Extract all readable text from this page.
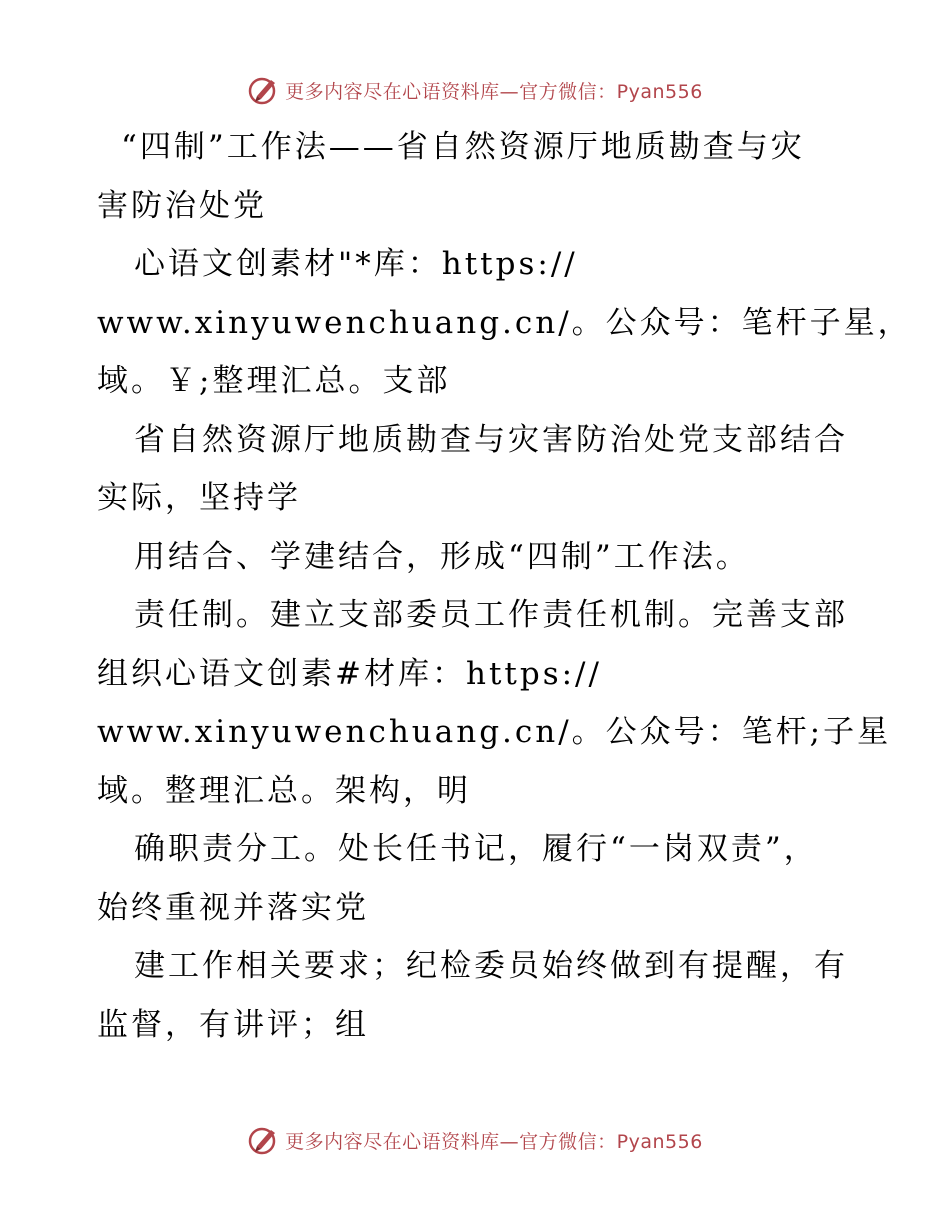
更多内容尽在心语资料库—官方微信：Pyan556
“四制”工作法——省自然资源厅地质勘查与灾
害防治处党
心语文创素材"*库：https://
www.xinyuwenchuang.cn/。公众号：笔杆子星，
域。￥;整理汇总。支部
省自然资源厅地质勘查与灾害防治处党支部结合
实际，坚持学
用结合、学建结合，形成“四制”工作法。
责任制。建立支部委员工作责任机制。完善支部
组织心语文创素#材库：https://
www.xinyuwenchuang.cn/。公众号：笔杆;子星
域。整理汇总。架构，明
确职责分工。处长任书记，履行“一岗双责”，
始终重视并落实党
建工作相关要求；纪检委员始终做到有提醒，有
监督，有讲评；组
更多内容尽在心语资料库—官方微信：Pyan556
